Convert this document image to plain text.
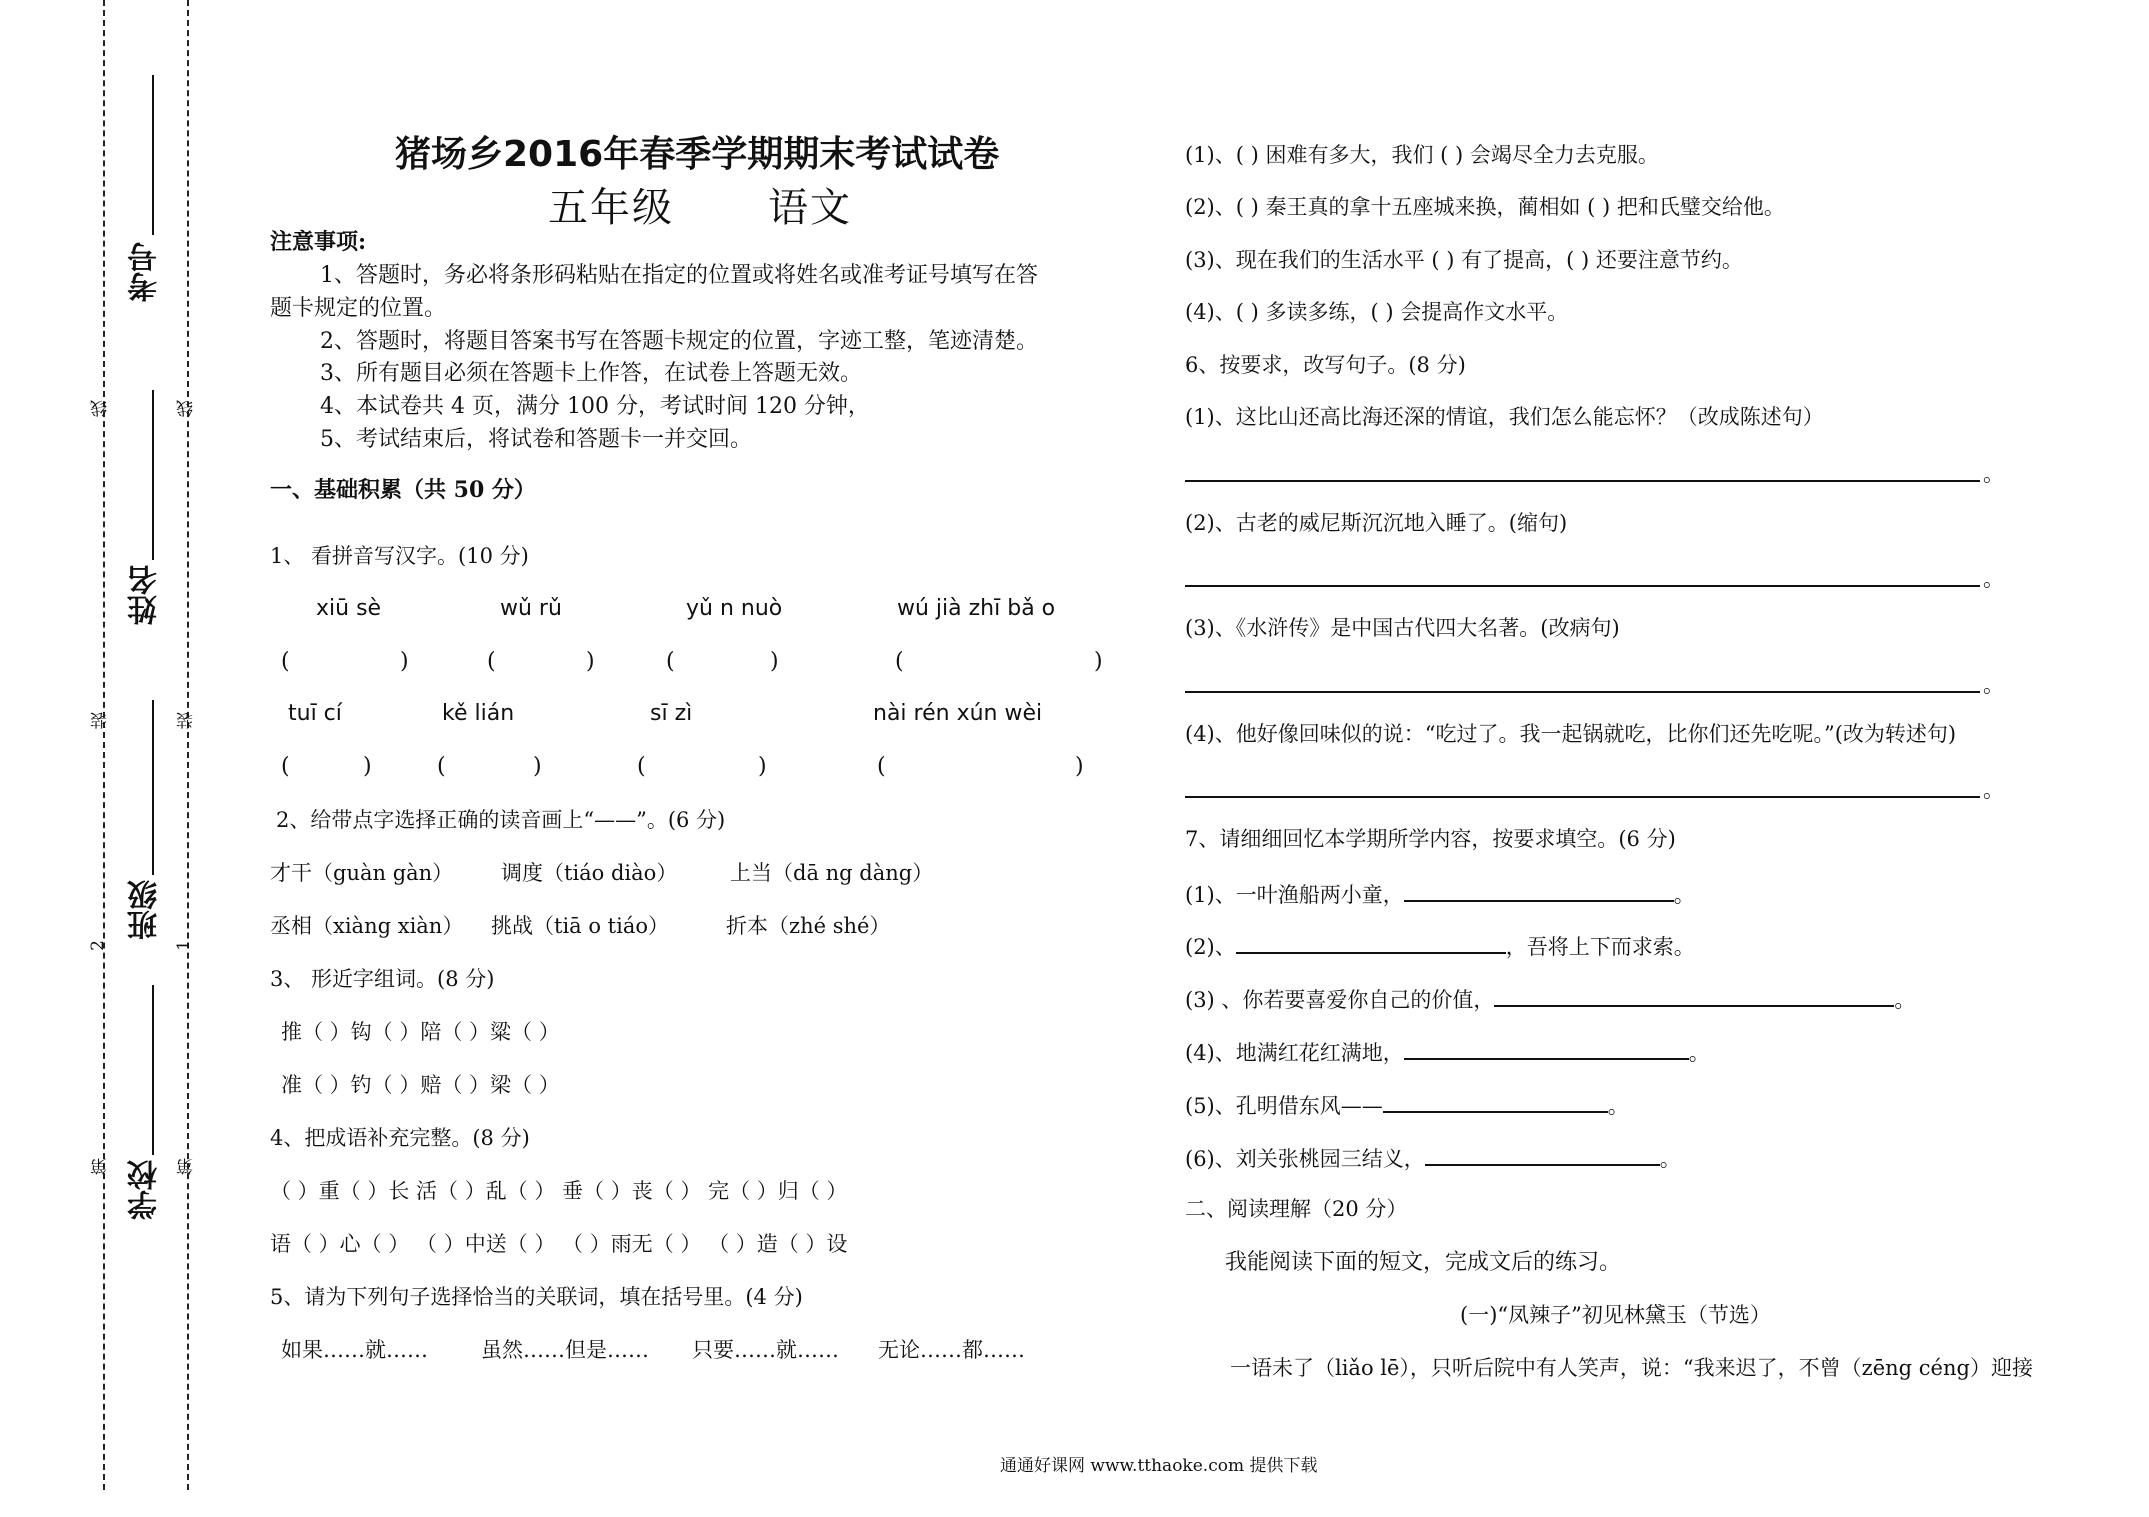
线
装
2
第
线
装
1
第
考号
姓名
班级
学校
猪场乡2016年春季学期期末考试试卷
五年级 语文
注意事项:
1、答题时，务必将条形码粘贴在指定的位置或将姓名或准考证号填写在答
题卡规定的位置。
2、答题时，将题目答案书写在答题卡规定的位置，字迹工整，笔迹清楚。
3、所有题目必须在答题卡上作答，在试卷上答题无效。
4、本试卷共 4 页，满分 100 分，考试时间 120 分钟，
5、考试结束后，将试卷和答题卡一并交回。
一、基础积累（共 50 分）
1、 看拼音写汉字。(10 分)
xiū sè	wǔ rǔ	yǔ n nuò	wú jià zhī bǎ o
(	)	(	)	(	)	(	)
tuī cí	kě lián	sī zì	nài rén xún wèi
(	)	(	)	(	)	(	)
2、给带点字选择正确的读音画上“——”。(6 分)
才干（guàn gàn） 调度（tiáo diào）	上当（dā ng dàng）
丞相（xiàng xiàn） 挑战（tiā o tiáo）	折本（zhé shé）
3、 形近字组词。(8 分)
推（ ）钩（ ）陪（ ）粱（ ）
准（ ）钓（ ）赔（ ）梁（ ）
4、把成语补充完整。(8 分)
（ ）重（ ）长 活（ ）乱（ ） 垂（ ）丧（ ） 完（ ）归（ ）
语（ ）心（ ） （ ）中送（ ） （ ）雨无（ ） （ ）造（ ）设
5、请为下列句子选择恰当的关联词，填在括号里。(4 分)
如果……就……	虽然……但是…… 只要……就…… 无论……都……
(1)、( ) 困难有多大，我们 ( ) 会竭尽全力去克服。
(2)、( ) 秦王真的拿十五座城来换，蔺相如 ( ) 把和氏璧交给他。
(3)、现在我们的生活水平 ( ) 有了提高，( ) 还要注意节约。
(4)、( ) 多读多练，( ) 会提高作文水平。
6、按要求，改写句子。(8 分)
(1)、这比山还高比海还深的情谊，我们怎么能忘怀？（改成陈述句）
。
(2)、古老的威尼斯沉沉地入睡了。(缩句)
。
(3)、《水浒传》是中国古代四大名著。(改病句)
。
(4)、他好像回味似的说：“吃过了。我一起锅就吃，比你们还先吃呢。”(改为转述句)
。
7、请细细回忆本学期所学内容，按要求填空。(6 分)
(1)、一叶渔船两小童，	。
(2)、	，吾将上下而求索。
(3) 、你若要喜爱你自己的价值，	。
(4)、地满红花红满地，	。
(5)、孔明借东风——	。
(6)、刘关张桃园三结义，	。
二、阅读理解（20 分）
我能阅读下面的短文，完成文后的练习。
(一)“凤辣子”初见林黛玉（节选）
一语未了（liǎo lē），只听后院中有人笑声，说：“我来迟了，不曾（zēng céng）迎接
通通好课网 www.tthaoke.com 提供下载
